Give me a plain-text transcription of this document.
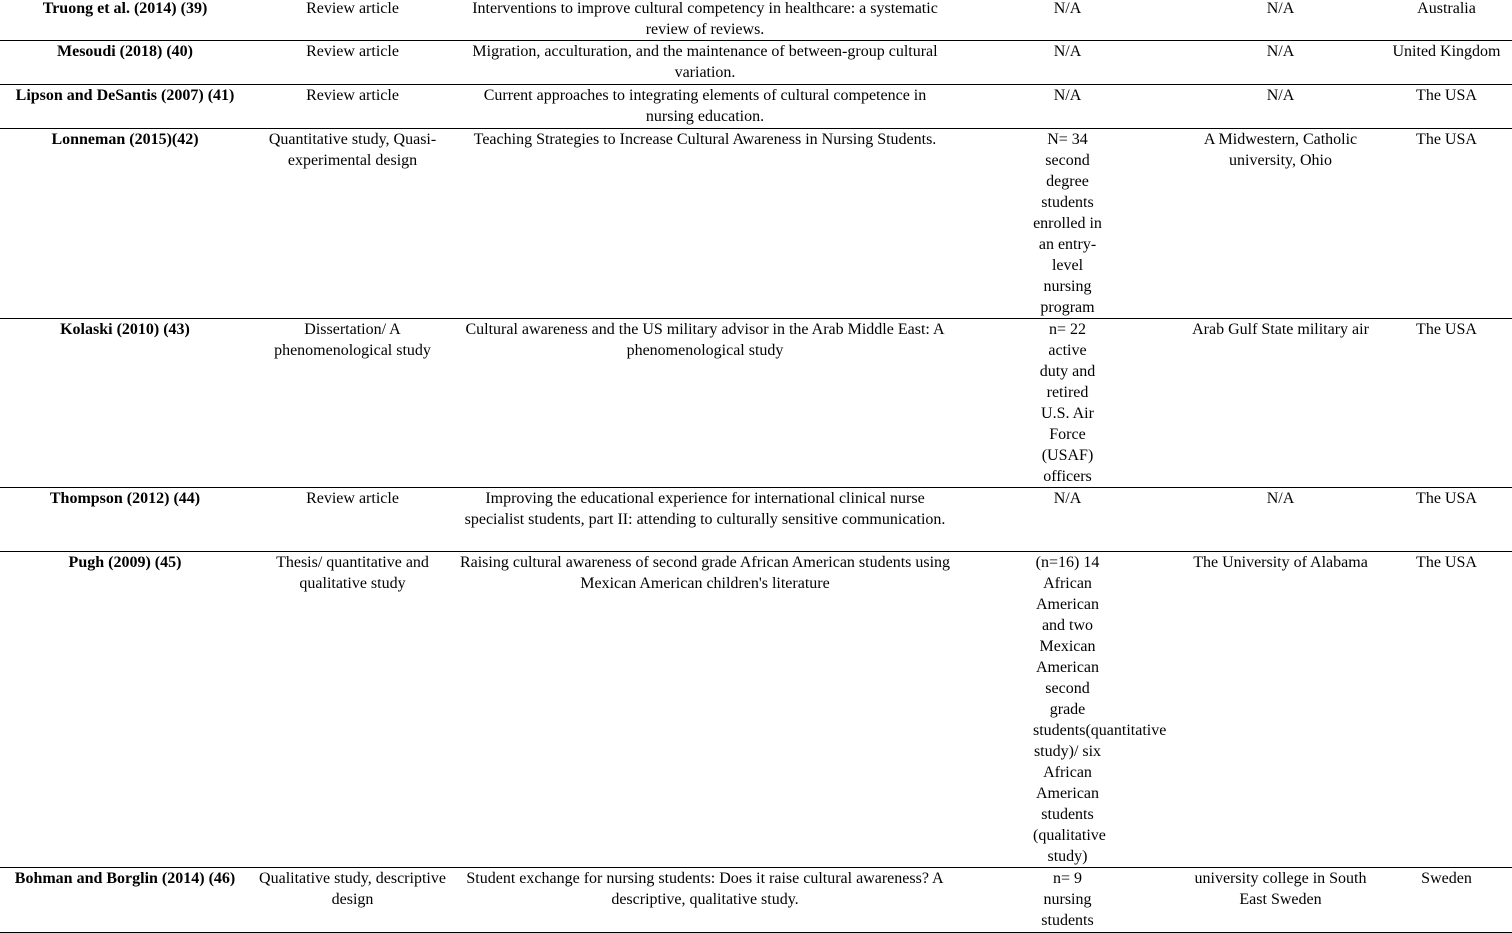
Truong et al. (2014) (39)	Review article	Interventions to improve cultural competency in healthcare: a systematic review of reviews.	N/A	N/A	Australia
Mesoudi (2018) (40)	Review article	Migration, acculturation, and the maintenance of between-group cultural variation.	N/A	N/A	United Kingdom
Lipson and DeSantis (2007) (41)	Review article	Current approaches to integrating elements of cultural competence in nursing education.	N/A	N/A	The USA
Lonneman (2015)(42)	Quantitative study, Quasi-experimental design	Teaching Strategies to Increase Cultural Awareness in Nursing Students.	N= 34 second degree students enrolled in an entry-level nursing program	A Midwestern, Catholic university, Ohio	The USA
Kolaski (2010) (43)	Dissertation/ A phenomenological study	Cultural awareness and the US military advisor in the Arab Middle East: A phenomenological study	n= 22 active duty and retired U.S. Air Force (USAF) officers	Arab Gulf State military air	The USA
Thompson (2012) (44)	Review article	Improving the educational experience for international clinical nurse specialist students, part II: attending to culturally sensitive communication.	N/A	N/A	The USA
Pugh (2009) (45)	Thesis/ quantitative and qualitative study	Raising cultural awareness of second grade African American students using Mexican American children's literature	(n=16) 14 African American and two Mexican American second grade students(quantitative study)/ six African American students (qualitative study)	The University of Alabama	The USA
Bohman and Borglin (2014) (46)	Qualitative study, descriptive design	Student exchange for nursing students: Does it raise cultural awareness? A descriptive, qualitative study.	n= 9 nursing students	university college in South East Sweden	Sweden
